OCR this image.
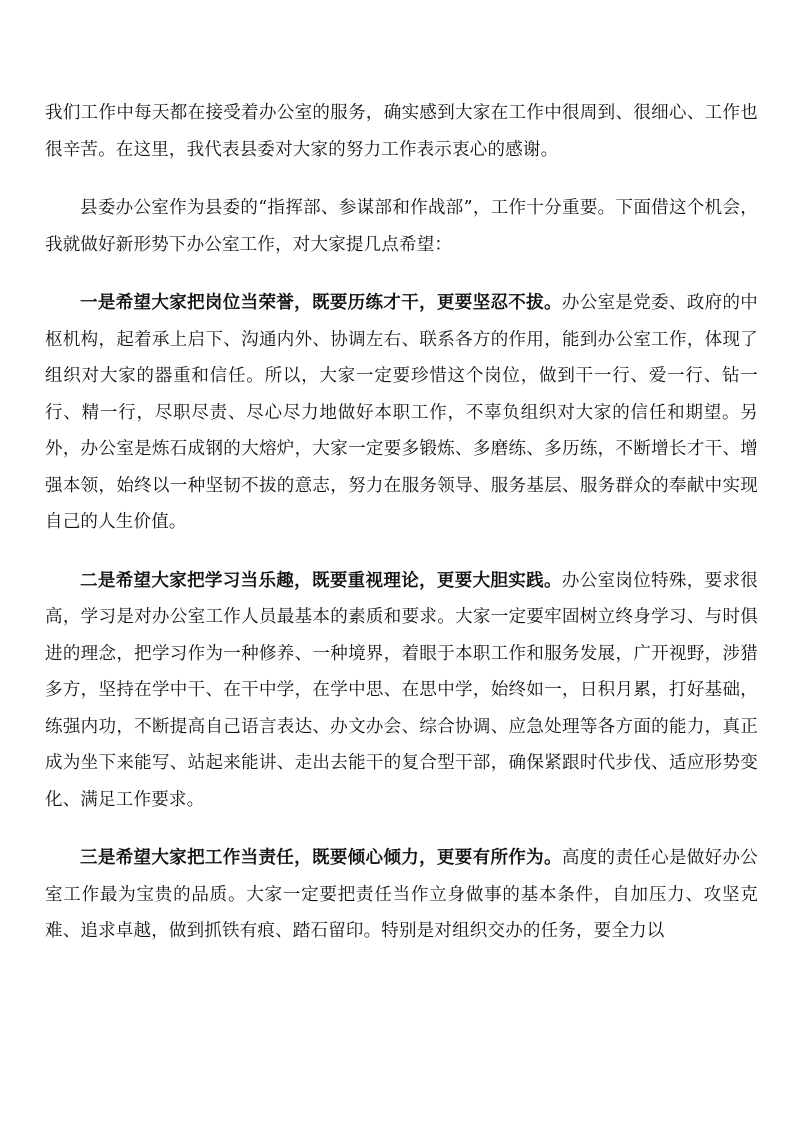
我们工作中每天都在接受着办公室的服务，确实感到大家在工作中很周到、很细心、工作也很辛苦。在这里，我代表县委对大家的努力工作表示衷心的感谢。

县委办公室作为县委的“指挥部、参谋部和作战部”，工作十分重要。下面借这个机会，我就做好新形势下办公室工作，对大家提几点希望：

一是希望大家把岗位当荣誉，既要历练才干，更要坚忍不拔。办公室是党委、政府的中枢机构，起着承上启下、沟通内外、协调左右、联系各方的作用，能到办公室工作，体现了组织对大家的器重和信任。所以，大家一定要珍惜这个岗位，做到干一行、爱一行、钻一行、精一行，尽职尽责、尽心尽力地做好本职工作，不辜负组织对大家的信任和期望。另外，办公室是炼石成钢的大熔炉，大家一定要多锻炼、多磨练、多历练，不断增长才干、增强本领，始终以一种坚韧不拔的意志，努力在服务领导、服务基层、服务群众的奉献中实现自己的人生价值。

二是希望大家把学习当乐趣，既要重视理论，更要大胆实践。办公室岗位特殊，要求很高，学习是对办公室工作人员最基本的素质和要求。大家一定要牢固树立终身学习、与时俱进的理念，把学习作为一种修养、一种境界，着眼于本职工作和服务发展，广开视野，涉猎多方，坚持在学中干、在干中学，在学中思、在思中学，始终如一，日积月累，打好基础，练强内功，不断提高自己语言表达、办文办会、综合协调、应急处理等各方面的能力，真正成为坐下来能写、站起来能讲、走出去能干的复合型干部，确保紧跟时代步伐、适应形势变化、满足工作要求。

三是希望大家把工作当责任，既要倾心倾力，更要有所作为。高度的责任心是做好办公室工作最为宝贵的品质。大家一定要把责任当作立身做事的基本条件，自加压力、攻坚克难、追求卓越，做到抓铁有痕、踏石留印。特别是对组织交办的任务，要全力以
